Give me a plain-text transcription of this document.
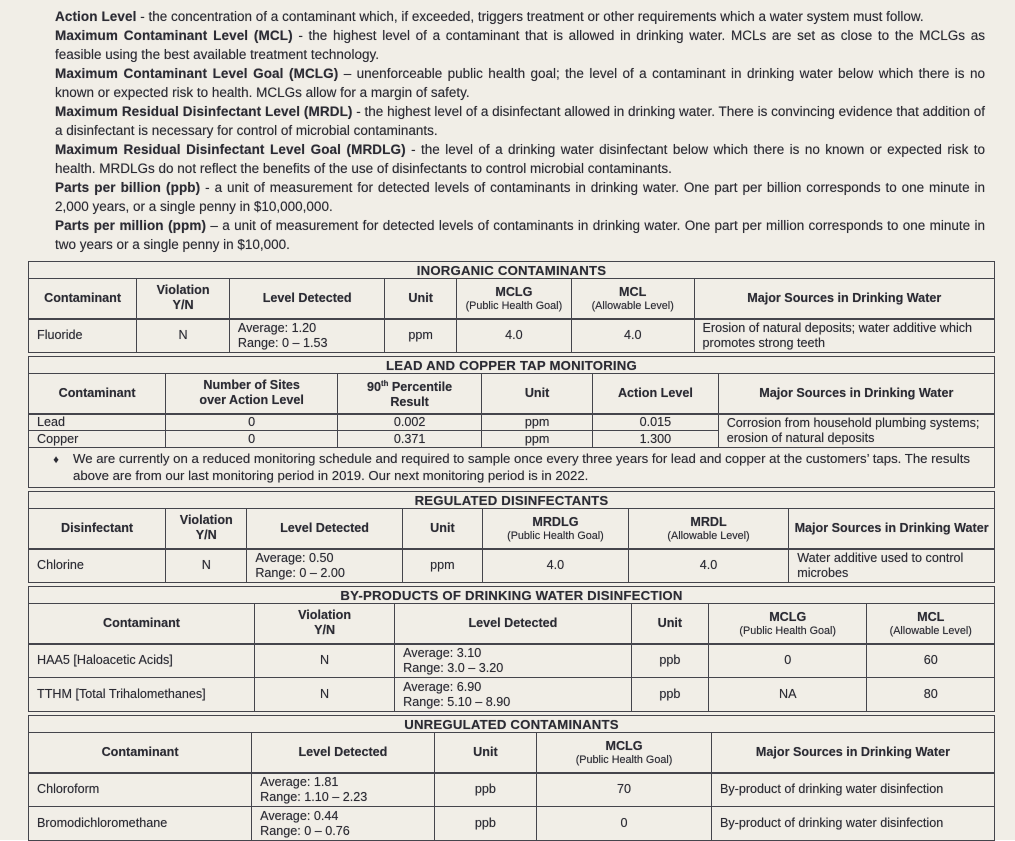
Action Level - the concentration of a contaminant which, if exceeded, triggers treatment or other requirements which a water system must follow.

Maximum Contaminant Level (MCL) - the highest level of a contaminant that is allowed in drinking water. MCLs are set as close to the MCLGs as feasible using the best available treatment technology.

Maximum Contaminant Level Goal (MCLG) – unenforceable public health goal; the level of a contaminant in drinking water below which there is no known or expected risk to health. MCLGs allow for a margin of safety.

Maximum Residual Disinfectant Level (MRDL) - the highest level of a disinfectant allowed in drinking water. There is convincing evidence that addition of a disinfectant is necessary for control of microbial contaminants.

Maximum Residual Disinfectant Level Goal (MRDLG) - the level of a drinking water disinfectant below which there is no known or expected risk to health. MRDLGs do not reflect the benefits of the use of disinfectants to control microbial contaminants.

Parts per billion (ppb) - a unit of measurement for detected levels of contaminants in drinking water. One part per billion corresponds to one minute in 2,000 years, or a single penny in $10,000,000.

Parts per million (ppm) – a unit of measurement for detected levels of contaminants in drinking water. One part per million corresponds to one minute in two years or a single penny in $10,000.

INORGANIC CONTAMINANTS						
Contaminant	
Violation
Y/N
	Level Detected	Unit	MCLG
(Public Health Goal)

MCL
(Allowable Level)
	Major Sources in Drinking Water
Fluoride	N	Average: 1.20
Range: 0 – 1.53	ppm	4.0	4.0	Erosion of natural deposits; water additive which promotes strong teeth
LEAD AND COPPER TAP MONITORING					
Contaminant	
Number of Sites
over Action Level

90th Percentile
Result
	Unit	Action Level	Major Sources in Drinking Water
Lead	0	0.002	ppm	0.015	Corrosion from household plumbing systems; erosion of natural deposits
Copper	0	0.371	ppm	1.300	

♦ We are currently on a reduced monitoring schedule and required to sample once every three years for lead and copper at the customers’ taps. The results above are from our last monitoring period in 2019. Our next monitoring period is in 2022.					
REGULATED DISINFECTANTS						
Disinfectant	
Violation
Y/N
	Level Detected	Unit	MRDLG
(Public Health Goal)

MRDL
(Allowable Level)
	Major Sources in Drinking Water
Chlorine	N	Average: 0.50
Range: 0 – 2.00	ppm	4.0	4.0	Water additive used to control microbes
BY-PRODUCTS OF DRINKING WATER DISINFECTION					
Contaminant	
Violation
Y/N
	Level Detected	Unit	MCLG
(Public Health Goal)

MCL
(Allowable Level)

HAA5 [Haloacetic Acids]	N	Average: 3.10
Range: 3.0 – 3.20	ppb	0	60
TTHM [Total Trihalomethanes]	N	Average: 6.90
Range: 5.10 – 8.90	ppb	NA	80
UNREGULATED CONTAMINANTS				
Contaminant	Level Detected	Unit	MCLG
(Public Health Goal)	Major Sources in Drinking Water
Chloroform	Average: 1.81
Range: 1.10 – 2.23	ppb	70	By-product of drinking water disinfection
Bromodichloromethane	Average: 0.44
Range: 0 – 0.76	ppb	0	By-product of drinking water disinfection
